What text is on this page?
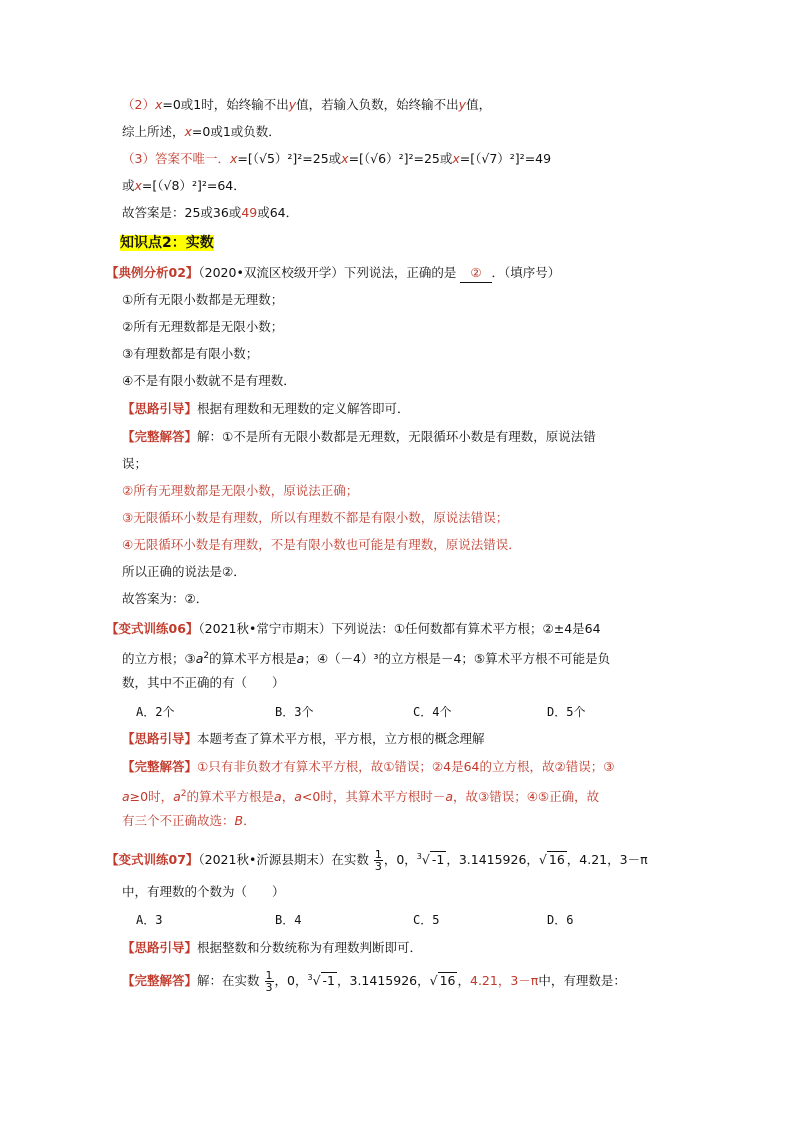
（2）x=0或1时，始终输不出y值，若输入负数，始终输不出y值，
综上所述，x=0或1或负数．
（3）答案不唯一．x=[（√5）²]²=25或x=[（√6）²]²=25或x=[（√7）²]²=49
或x=[（√8）²]²=64．
故答案是：25或36或49或64．
知识点2：实数
【典例分析02】（2020•双流区校级开学）下列说法，正确的是 ② ．（填序号）
①所有无限小数都是无理数；
②所有无理数都是无限小数；
③有理数都是有限小数；
④不是有限小数就不是有理数．
【思路引导】根据有理数和无理数的定义解答即可．
【完整解答】解：①不是所有无限小数都是无理数，无限循环小数是有理数，原说法错
误；
②所有无理数都是无限小数，原说法正确；
③无限循环小数是有理数，所以有理数不都是有限小数，原说法错误；
④无限循环小数是有理数，不是有限小数也可能是有理数，原说法错误．
所以正确的说法是②．
故答案为：②．
【变式训练06】（2021秋•常宁市期末）下列说法：①任何数都有算术平方根；②±4是64
的立方根；$③a^2$的算术平方根是a；④（－4）³的立方根是－4；⑤算术平方根不可能是负
数，其中不正确的有（　　）
A．2个	B．3个	C．4个	D．5个
【思路引导】本题考查了算术平方根，平方根，立方根的概念理解
【完整解答】①只有非负数才有算术平方根，故①错误；②4是64的立方根，故②错误；③
a≥0时，$a^2$的算术平方根是a，a<0时，其算术平方根时－a，故③错误；④⑤正确，故
有三个不正确故选：B．
【变式训练07】（2021秋•沂源县期末）在实数 $\frac{1}{3}$ ，0，$^3$√ -1 ，3.1415926，√ 16 ，4.21，3－π
中，有理数的个数为（　　）
A．3	B．4	C．5	D．6
【思路引导】根据整数和分数统称为有理数判断即可．
【完整解答】解：在实数 $\frac{1}{3}$ ，0，$^3$√ -1 ，3.1415926，√ 16 ，4.21，3－π中，有理数是：
